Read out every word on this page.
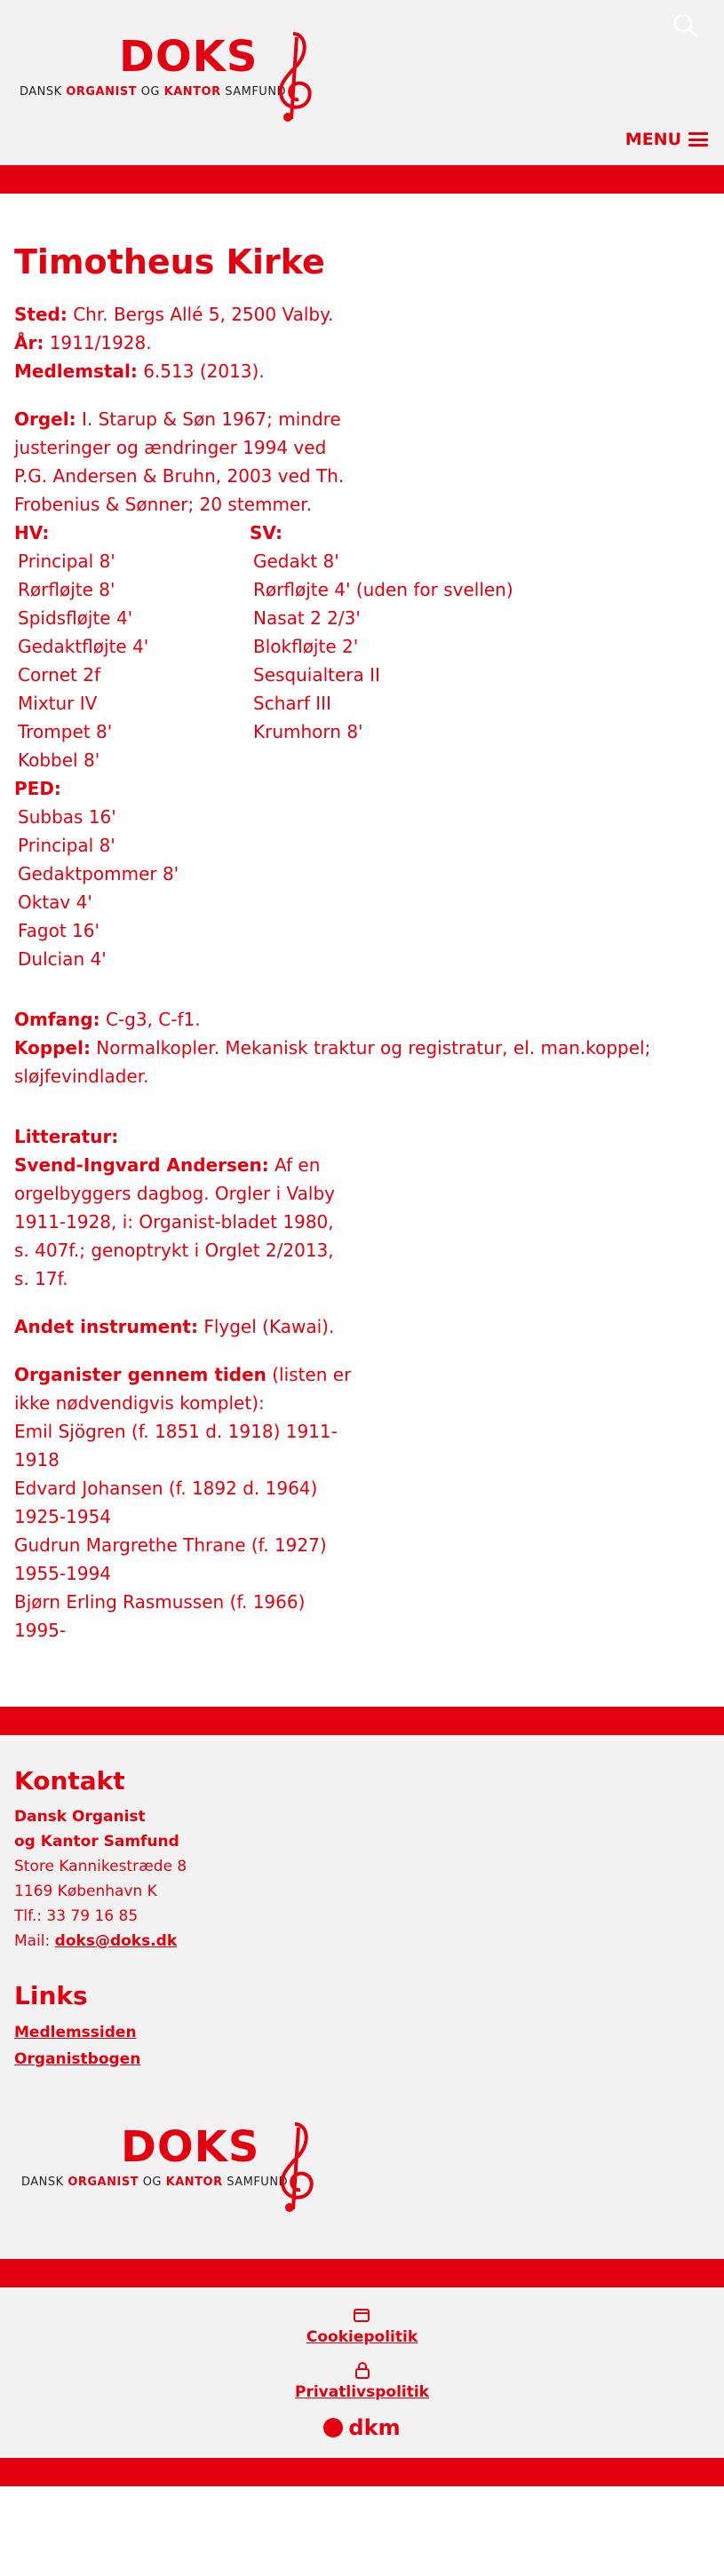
DOKS
DANSK ORGANIST OG KANTOR SAMFUND
MENU
Timotheus Kirke

Sted: Chr. Bergs Allé 5, 2500 Valby.

År: 1911/1928.

Medlemstal: 6.513 (2013).

Orgel: I. Starup & Søn 1967; mindre justeringer og ændringer 1994 ved P.G. Andersen & Bruhn, 2003 ved Th. Frobenius & Sønner; 20 stemmer.

HV:
Principal 8'
Rørfløjte 8'
Spidsfløjte 4'
Gedaktfløjte 4'
Cornet 2f
Mixtur IV
Trompet 8'
Kobbel 8'
PED:
Subbas 16'
Principal 8'
Gedaktpommer 8'
Oktav 4'
Fagot 16'
Dulcian 4'
SV:
Gedakt 8'
Rørfløjte 4' (uden for svellen)
Nasat 2 2/3'
Blokfløjte 2'
Sesquialtera II
Scharf III
Krumhorn 8'

Omfang: C-g3, C-f1.

Koppel: Normalkopler. Mekanisk traktur og registratur, el. man.koppel; sløjfevindlader.

Litteratur:

Svend-Ingvard Andersen: Af en orgelbyggers dagbog. Orgler i Valby 1911-1928, i: Organist-bladet 1980, s. 407f.; genoptrykt i Orglet 2/2013, s. 17f.

Andet instrument: Flygel (Kawai).

Organister gennem tiden (listen er ikke nødvendigvis komplet):

Emil Sjögren (f. 1851 d. 1918) 1911-1918

Edvard Johansen (f. 1892 d. 1964) 1925-1954

Gudrun Margrethe Thrane (f. 1927) 1955-1994

Bjørn Erling Rasmussen (f. 1966) 1995-

Kontakt
Dansk Organist
og Kantor Samfund
Store Kannikestræde 8
1169 København K
Tlf.: 33 79 16 85
Mail: doks@doks.dk
Links
Medlemssiden
Organistbogen
DOKS
DANSK ORGANIST OG KANTOR SAMFUND
Cookiepolitik
Privatlivspolitik
dkm
